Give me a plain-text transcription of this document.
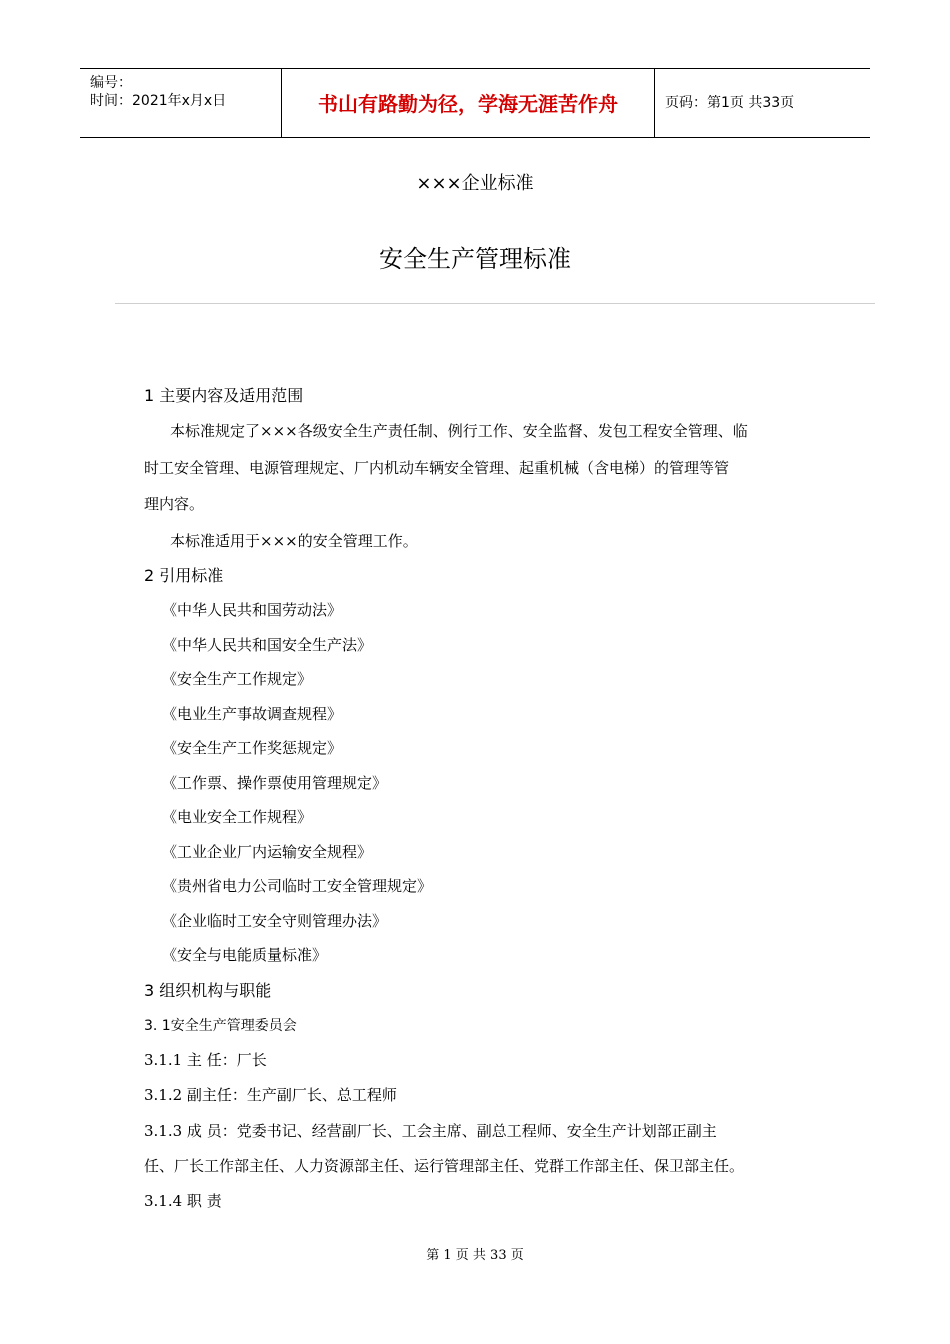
编号：
时间：2021年x月x日	书山有路勤为径，学海无涯苦作舟	页码：第1页 共33页
×××企业标准
安全生产管理标准
1 主要内容及适用范围
本标准规定了×××各级安全生产责任制、例行工作、安全监督、发包工程安全管理、临
时工安全管理、电源管理规定、厂内机动车辆安全管理、起重机械（含电梯）的管理等管
理内容。
本标准适用于×××的安全管理工作。
2 引用标准
《中华人民共和国劳动法》
《中华人民共和国安全生产法》
《安全生产工作规定》
《电业生产事故调查规程》
《安全生产工作奖惩规定》
《工作票、操作票使用管理规定》
《电业安全工作规程》
《工业企业厂内运输安全规程》
《贵州省电力公司临时工安全管理规定》
《企业临时工安全守则管理办法》
《安全与电能质量标准》
3 组织机构与职能
3. 1安全生产管理委员会
3.1.1 主 任：厂长
3.1.2 副主任：生产副厂长、总工程师
3.1.3 成 员：党委书记、经营副厂长、工会主席、副总工程师、安全生产计划部正副主
任、厂长工作部主任、人力资源部主任、运行管理部主任、党群工作部主任、保卫部主任。
3.1.4 职 责
第 1 页 共 33 页
